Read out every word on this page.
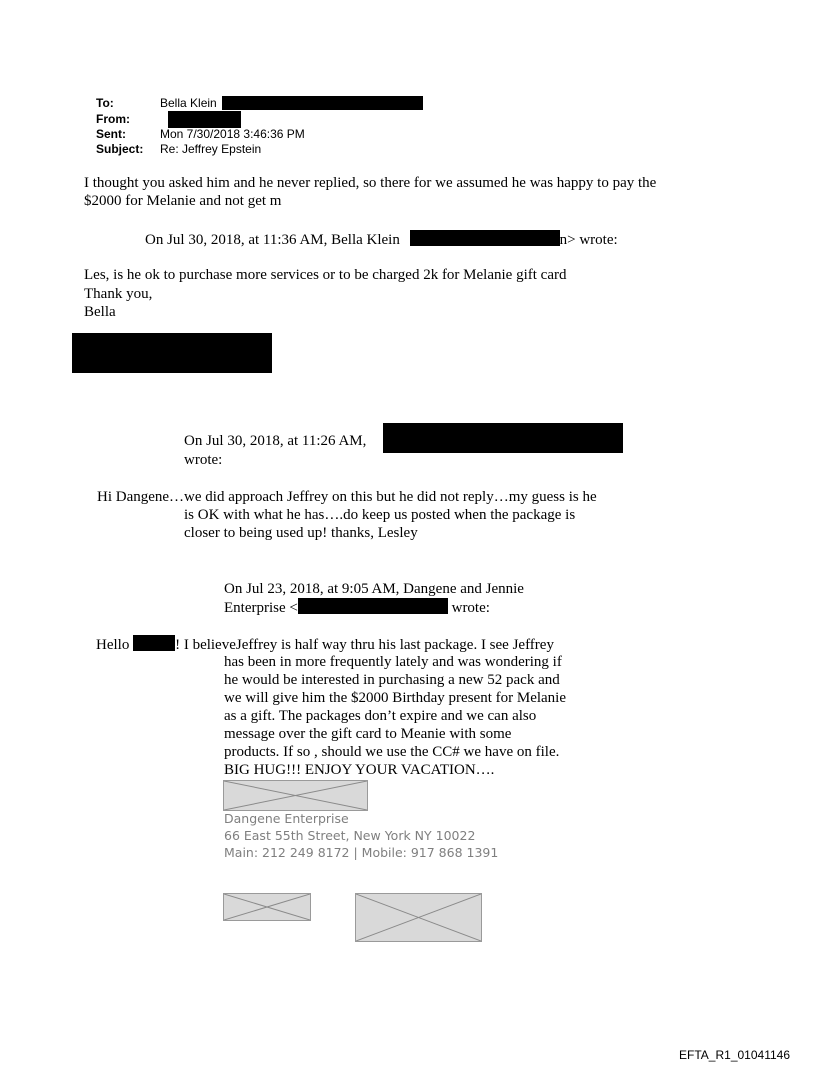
To:	Bella Klein
From:
Sent:	Mon 7/30/2018 3:46:36 PM
Subject: Re: Jeffrey Epstein
I thought you asked him and he never replied, so there for we assumed he was happy to pay the
$2000 for Melanie and not get m
On Jul 30, 2018, at 11:36 AM, Bella Klein	n> wrote:
Les, is he ok to purchase more services or to be charged 2k for Melanie gift card
Thank you,
Bella
On Jul 30, 2018, at 11:26 AM,
wrote:
Hi Dangene…we did approach Jeffrey on this but he did not reply…my guess is he
is OK with what he has….do keep us posted when the package is
closer to being used up! thanks, Lesley
On Jul 23, 2018, at 9:05 AM, Dangene and Jennie
Enterprise <	wrote:
Hello	! I believeJeffrey is half way thru his last package. I see Jeffrey
has been in more frequently lately and was wondering if
he would be interested in purchasing a new 52 pack and
we will give him the $2000 Birthday present for Melanie
as a gift. The packages don’t expire and we can also
message over the gift card to Meanie with some
products. If so , should we use the CC# we have on file.
BIG HUG!!! ENJOY YOUR VACATION….
Dangene Enterprise
66 East 55th Street, New York NY 10022
Main: 212 249 8172 | Mobile: 917 868 1391
EFTA_R1_01041146
